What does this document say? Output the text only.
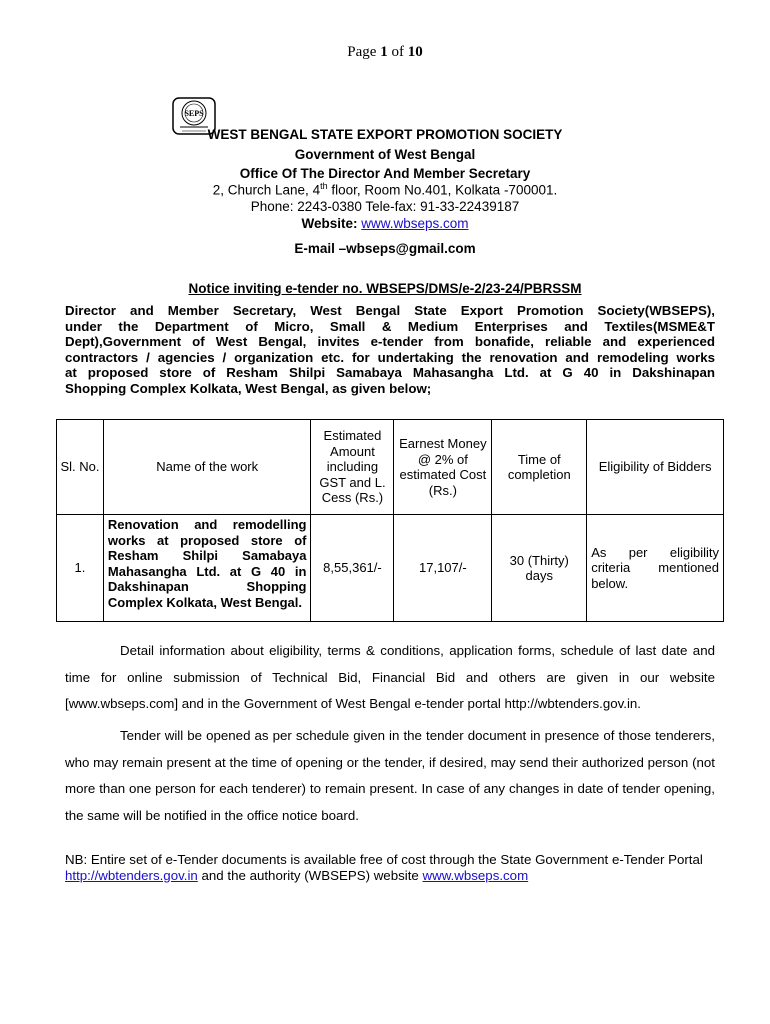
Page 1 of 10
SEPS
WEST BENGAL STATE EXPORT PROMOTION SOCIETY
Government of West Bengal
Office Of The Director And Member Secretary
2, Church Lane, 4th floor, Room No.401, Kolkata -700001.
Phone: 2243-0380 Tele-fax: 91-33-22439187
Website: www.wbseps.com
E-mail –wbseps@gmail.com
Notice inviting e-tender no. WBSEPS/DMS/e-2/23-24/PBRSSM
Director and Member Secretary, West Bengal State Export Promotion Society(WBSEPS),
under the Department of Micro, Small & Medium Enterprises and Textiles(MSME&T
Dept),Government of West Bengal, invites e-tender from bonafide, reliable and experienced
contractors / agencies / organization etc. for undertaking the renovation and remodeling works
at proposed store of Resham Shilpi Samabaya Mahasangha Ltd. at G 40 in Dakshinapan
Shopping Complex Kolkata, West Bengal, as given below;
Sl. No.	Name of the work	Estimated Amount including GST and L. Cess (Rs.)	Earnest Money @ 2% of estimated Cost (Rs.)	Time of completion	Eligibility of Bidders
1.	Renovation and remodelling works at proposed store of Resham Shilpi Samabaya Mahasangha Ltd. at G 40 in Dakshinapan Shopping Complex Kolkata, West Bengal.	8,55,361/-	17,107/-	30 (Thirty) days	As per eligibility criteria mentioned below.
Detail information about eligibility, terms & conditions, application forms, schedule of last date and time for online submission of Technical Bid, Financial Bid and others are given in our website [www.wbseps.com] and in the Government of West Bengal e-tender portal http://wbtenders.gov.in.
Tender will be opened as per schedule given in the tender document in presence of those tenderers, who may remain present at the time of opening or the tender, if desired, may send their authorized person (not more than one person for each tenderer) to remain present. In case of any changes in date of tender opening, the same will be notified in the office notice board.
NB: Entire set of e-Tender documents is available free of cost through the State Government e-Tender Portal http://wbtenders.gov.in and the authority (WBSEPS) website www.wbseps.com
